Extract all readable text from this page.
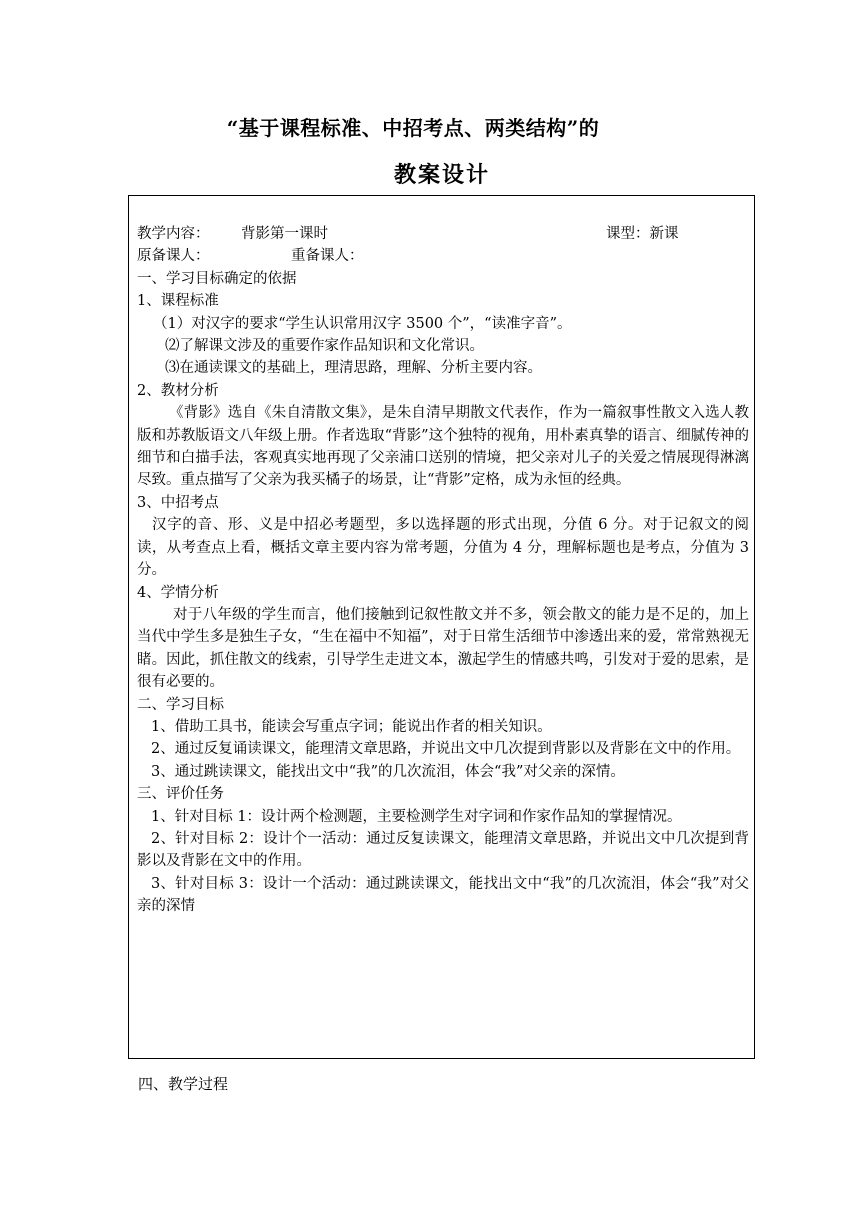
“基于课程标准、中招考点、两类结构”的
教案设计
教学内容：	背影第一课时	课型： 新课
原备课人：	重备课人：
一、学习目标确定的依据
1、课程标准
（1）对汉字的要求“学生认识常用汉字 3500 个”，“读准字音”。
⑵了解课文涉及的重要作家作品知识和文化常识。
⑶在通读课文的基础上，理清思路，理解、分析主要内容。
2、教材分析
《背影》选自《朱自清散文集》，是朱自清早期散文代表作，作为一篇叙事性散文入选人教版和苏教版语文八年级上册。作者选取“背影”这个独特的视角，用朴素真挚的语言、细腻传神的细节和白描手法，客观真实地再现了父亲浦口送别的情境，把父亲对儿子的关爱之情展现得淋漓尽致。重点描写了父亲为我买橘子的场景，让“背影”定格，成为永恒的经典。
3、中招考点
汉字的音、形、义是中招必考题型，多以选择题的形式出现，分值 6 分。对于记叙文的阅读，从考查点上看，概括文章主要内容为常考题，分值为 4 分，理解标题也是考点，分值为 3 分。
4、学情分析
对于八年级的学生而言，他们接触到记叙性散文并不多，领会散文的能力是不足的，加上当代中学生多是独生子女，“生在福中不知福”，对于日常生活细节中渗透出来的爱，常常熟视无睹。因此，抓住散文的线索，引导学生走进文本，激起学生的情感共鸣，引发对于爱的思索，是很有必要的。
二、学习目标
1、借助工具书，能读会写重点字词；能说出作者的相关知识。
2、通过反复诵读课文，能理清文章思路，并说出文中几次提到背影以及背影在文中的作用。
3、通过跳读课文，能找出文中“我”的几次流泪，体会“我”对父亲的深情。
三、评价任务
1、针对目标 1：设计两个检测题，主要检测学生对字词和作家作品知的掌握情况。
2、针对目标 2：设计个一活动：通过反复读课文，能理清文章思路，并说出文中几次提到背影以及背影在文中的作用。
3、针对目标 3：设计一个活动：通过跳读课文，能找出文中“我”的几次流泪，体会“我”对父亲的深情
四、教学过程
